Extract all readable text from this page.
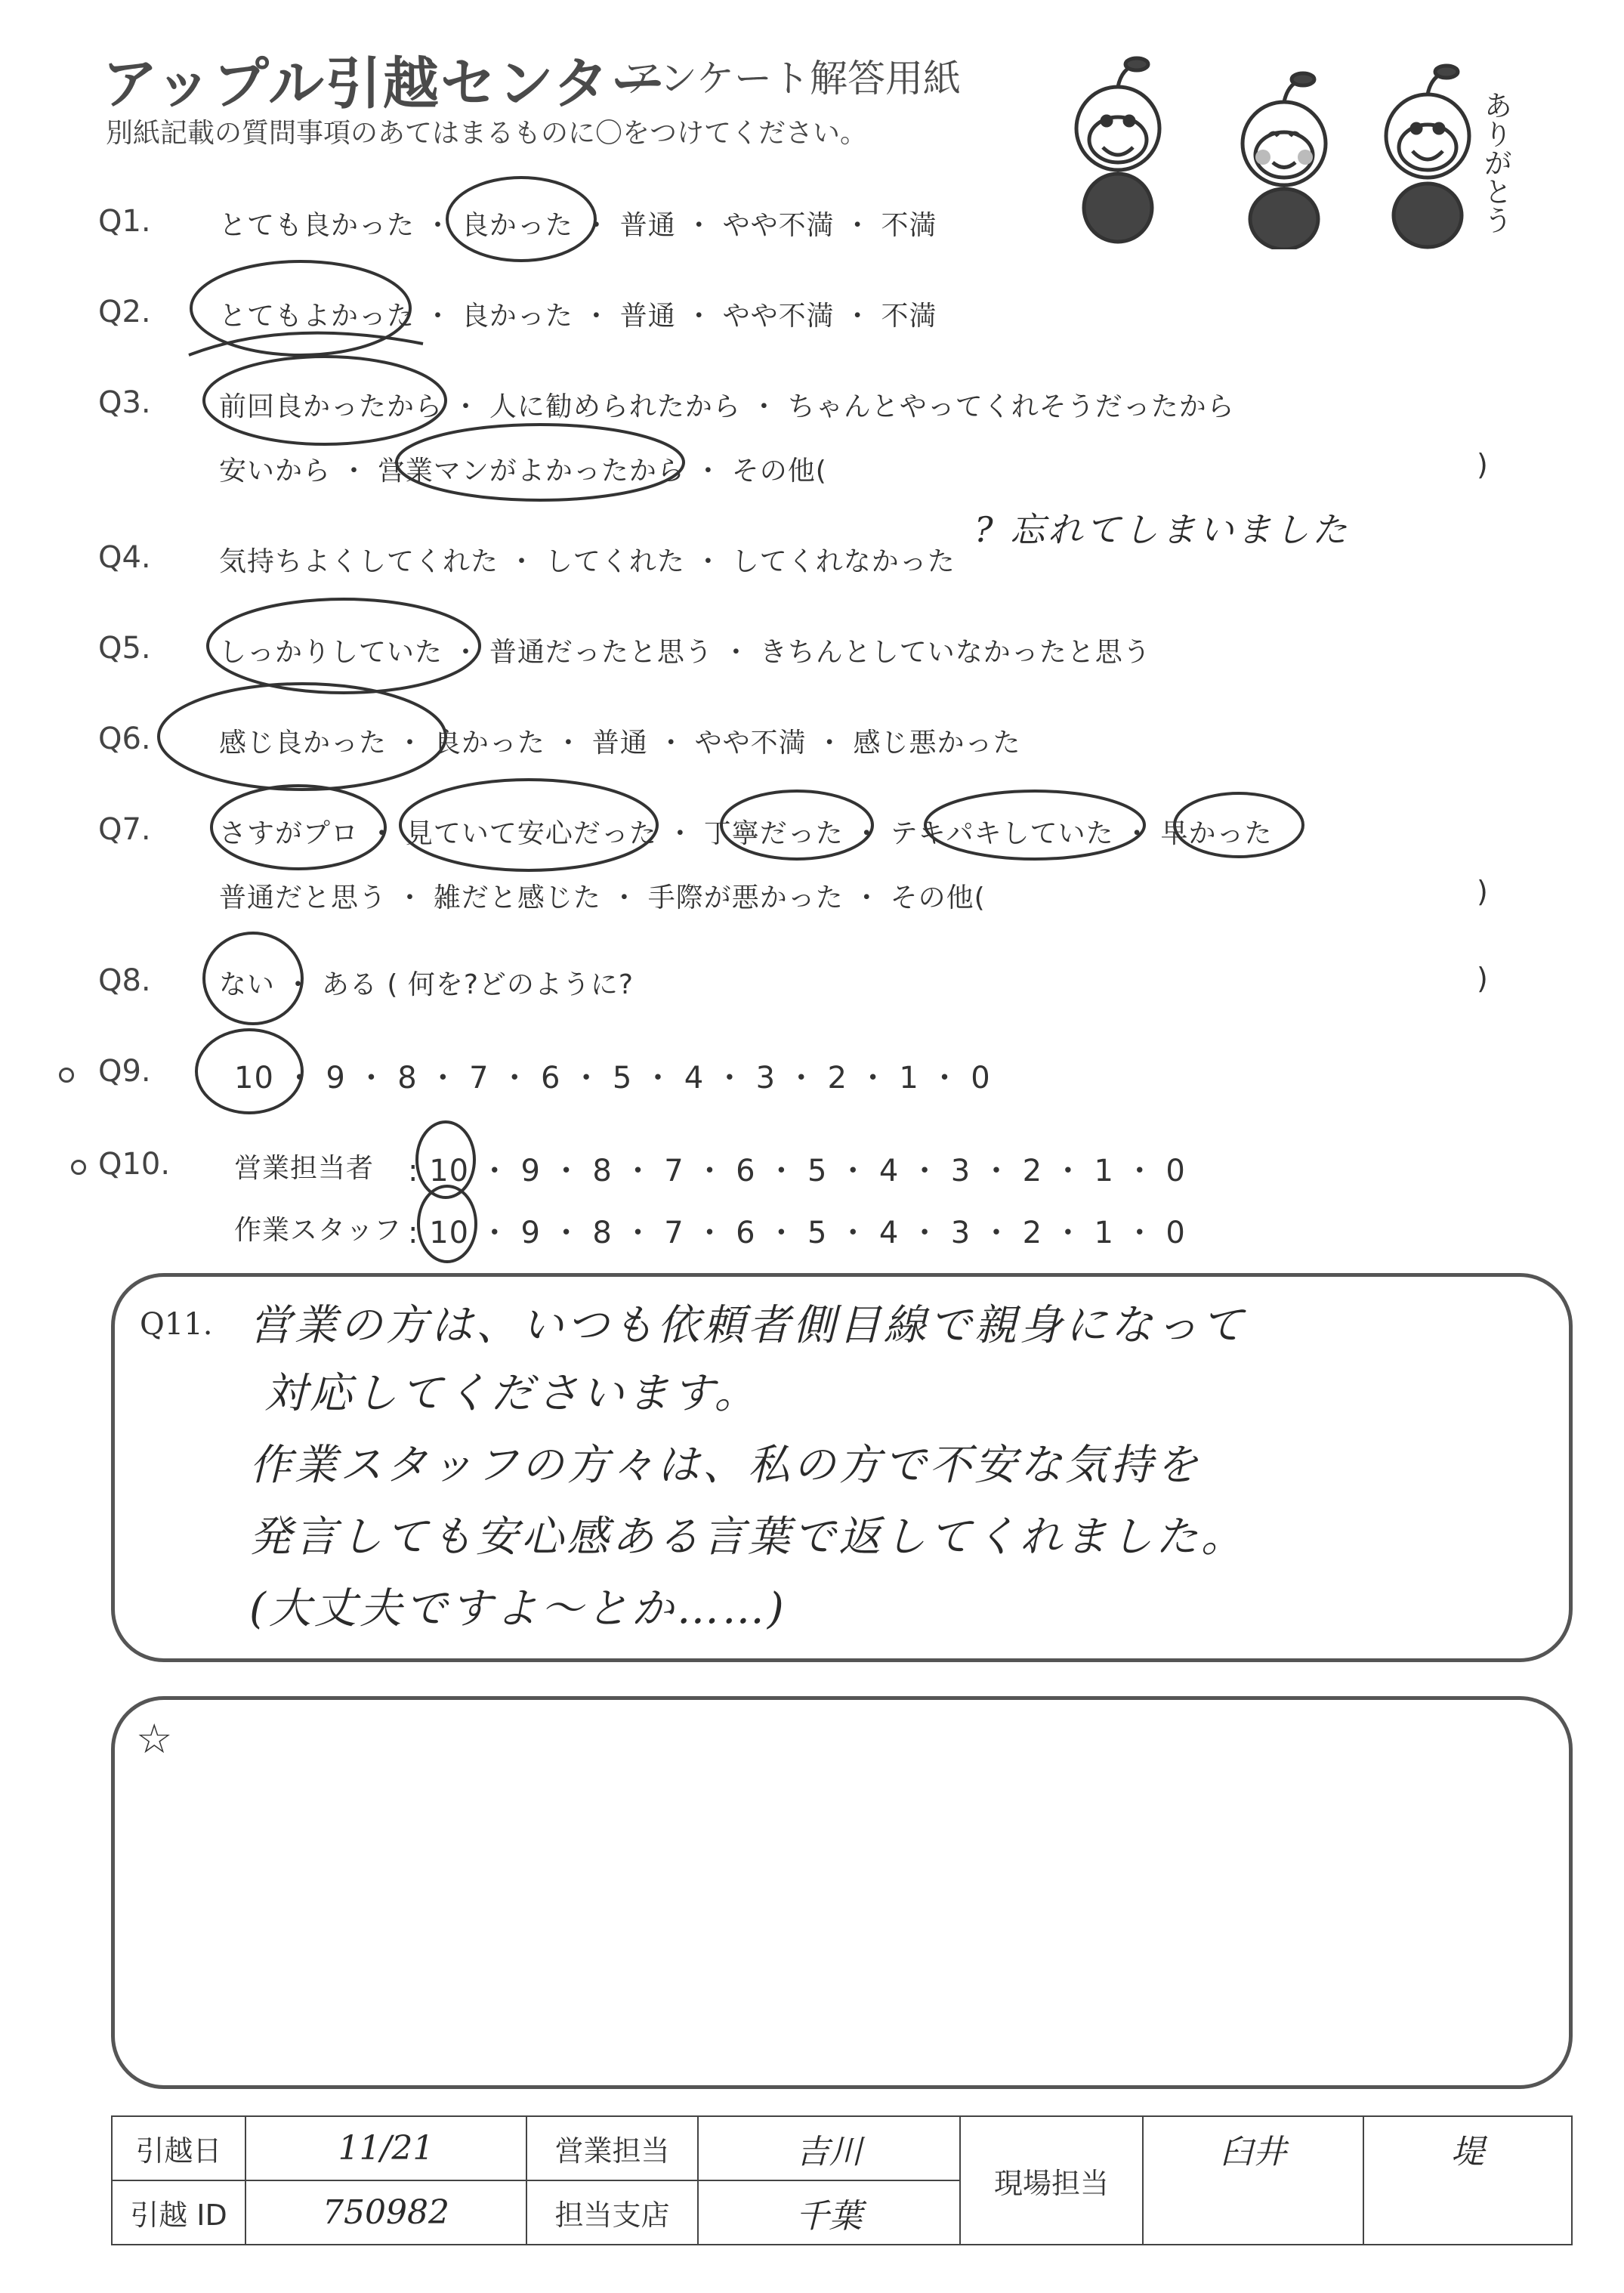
アップル引越センター
アンケート解答用紙
別紙記載の質問事項のあてはまるものに〇をつけてください。	ありがとう
Q1.	とても良かった ・ 良かった ・ 普通 ・ やや不満 ・ 不満
Q2.	とてもよかった ・ 良かった ・ 普通 ・ やや不満 ・ 不満
Q3.	前回良かったから ・ 人に勧められたから ・ ちゃんとやってくれそうだったから
安いから ・ 営業マンがよかったから ・ その他(	)
Q4.	気持ちよくしてくれた ・ してくれた ・ してくれなかった
? 忘れてしまいました
Q5.	しっかりしていた ・ 普通だったと思う ・ きちんとしていなかったと思う
Q6.	感じ良かった ・ 良かった ・ 普通 ・ やや不満 ・ 感じ悪かった
Q7.	さすがプロ ・ 見ていて安心だった ・ 丁寧だった ・ テキパキしていた ・ 早かった
普通だと思う ・ 雑だと感じた ・ 手際が悪かった ・ その他(	)
Q8.	ない ・ ある ( 何を?どのように?	)
Q9.	10 ・ 9 ・ 8 ・ 7 ・ 6 ・ 5 ・ 4 ・ 3 ・ 2 ・ 1 ・ 0
Q10. 営業担当者 : 10 ・ 9 ・ 8 ・ 7 ・ 6 ・ 5 ・ 4 ・ 3 ・ 2 ・ 1 ・ 0
作業スタッフ : 10 ・ 9 ・ 8 ・ 7 ・ 6 ・ 5 ・ 4 ・ 3 ・ 2 ・ 1 ・ 0
Q11. 営業の方は、いつも依頼者側目線で親身になって
対応してくださいます。
作業スタッフの方々は、私の方で不安な気持を
発言しても安心感ある言葉で返してくれました。
(大丈夫ですよ〜とか……)
☆
引越日	11/21	営業担当	吉川	現場担当	臼井	堤
引越 ID	750982	担当支店	千葉			
